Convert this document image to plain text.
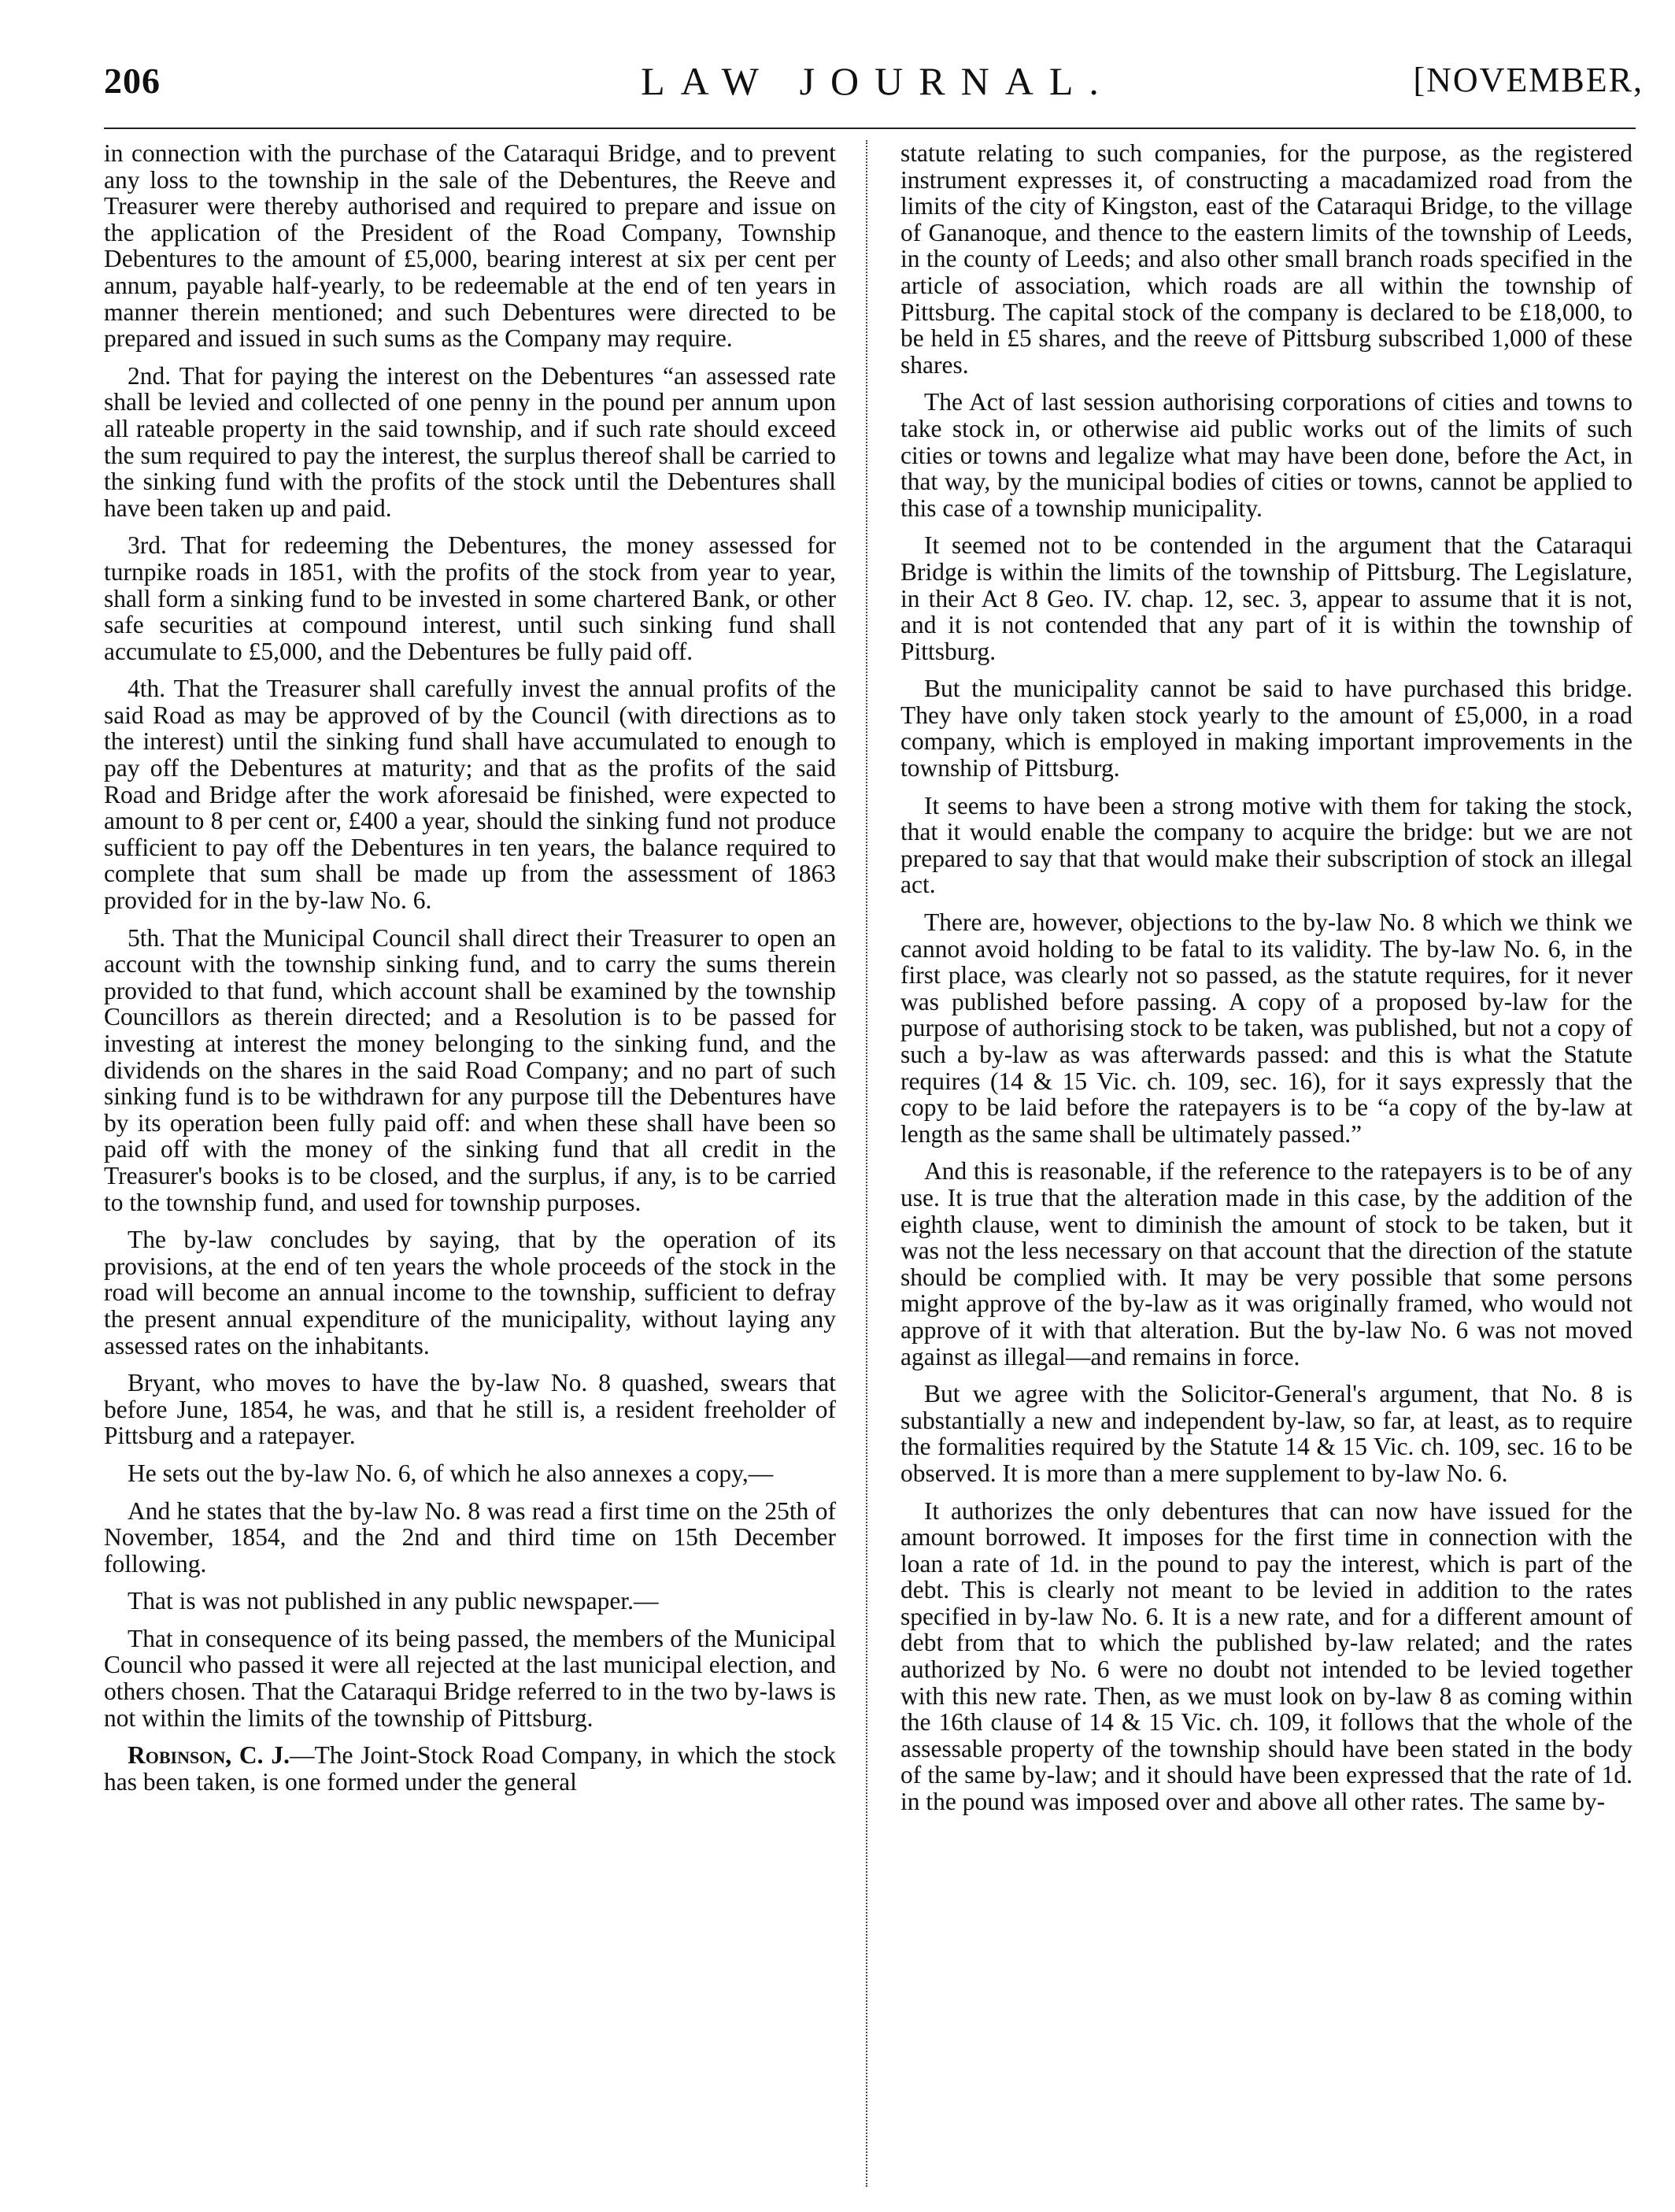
206	LAW JOURNAL.	[NOVEMBER,

in connection with the purchase of the Cataraqui Bridge, and to prevent any loss to the township in the sale of the Debentures, the Reeve and Treasurer were thereby authorised and required to prepare and issue on the application of the President of the Road Company, Township Debentures to the amount of £5,000, bearing interest at six per cent per annum, payable half-yearly, to be redeemable at the end of ten years in manner therein mentioned; and such Debentures were directed to be prepared and issued in such sums as the Company may require.

2nd. That for paying the interest on the Debentures “an assessed rate shall be levied and collected of one penny in the pound per annum upon all rateable property in the said township, and if such rate should exceed the sum required to pay the interest, the surplus thereof shall be carried to the sinking fund with the profits of the stock until the Debentures shall have been taken up and paid.

3rd. That for redeeming the Debentures, the money assessed for turnpike roads in 1851, with the profits of the stock from year to year, shall form a sinking fund to be invested in some chartered Bank, or other safe securities at compound interest, until such sinking fund shall accumulate to £5,000, and the Debentures be fully paid off.

4th. That the Treasurer shall carefully invest the annual profits of the said Road as may be approved of by the Council (with directions as to the interest) until the sinking fund shall have accumulated to enough to pay off the Debentures at maturity; and that as the profits of the said Road and Bridge after the work aforesaid be finished, were expected to amount to 8 per cent or, £400 a year, should the sinking fund not produce sufficient to pay off the Debentures in ten years, the balance required to complete that sum shall be made up from the assessment of 1863 provided for in the by-law No. 6.

5th. That the Municipal Council shall direct their Treasurer to open an account with the township sinking fund, and to carry the sums therein provided to that fund, which account shall be examined by the township Councillors as therein directed; and a Resolution is to be passed for investing at interest the money belonging to the sinking fund, and the dividends on the shares in the said Road Company; and no part of such sinking fund is to be withdrawn for any purpose till the Debentures have by its operation been fully paid off: and when these shall have been so paid off with the money of the sinking fund that all credit in the Treasurer's books is to be closed, and the surplus, if any, is to be carried to the township fund, and used for township purposes.

The by-law concludes by saying, that by the operation of its provisions, at the end of ten years the whole proceeds of the stock in the road will become an annual income to the township, sufficient to defray the present annual expenditure of the municipality, without laying any assessed rates on the inhabitants.

Bryant, who moves to have the by-law No. 8 quashed, swears that before June, 1854, he was, and that he still is, a resident freeholder of Pittsburg and a ratepayer.

He sets out the by-law No. 6, of which he also annexes a copy,—

And he states that the by-law No. 8 was read a first time on the 25th of November, 1854, and the 2nd and third time on 15th December following.

That is was not published in any public newspaper.—

That in consequence of its being passed, the members of the Municipal Council who passed it were all rejected at the last municipal election, and others chosen. That the Cataraqui Bridge referred to in the two by-laws is not within the limits of the township of Pittsburg.

Robinson, C. J.—The Joint-Stock Road Company, in which the stock has been taken, is one formed under the general

statute relating to such companies, for the purpose, as the registered instrument expresses it, of constructing a macadamized road from the limits of the city of Kingston, east of the Cataraqui Bridge, to the village of Gananoque, and thence to the eastern limits of the township of Leeds, in the county of Leeds; and also other small branch roads specified in the article of association, which roads are all within the township of Pittsburg. The capital stock of the company is declared to be £18,000, to be held in £5 shares, and the reeve of Pittsburg subscribed 1,000 of these shares.

The Act of last session authorising corporations of cities and towns to take stock in, or otherwise aid public works out of the limits of such cities or towns and legalize what may have been done, before the Act, in that way, by the municipal bodies of cities or towns, cannot be applied to this case of a township municipality.

It seemed not to be contended in the argument that the Cataraqui Bridge is within the limits of the township of Pittsburg. The Legislature, in their Act 8 Geo. IV. chap. 12, sec. 3, appear to assume that it is not, and it is not contended that any part of it is within the township of Pittsburg.

But the municipality cannot be said to have purchased this bridge. They have only taken stock yearly to the amount of £5,000, in a road company, which is employed in making important improvements in the township of Pittsburg.

It seems to have been a strong motive with them for taking the stock, that it would enable the company to acquire the bridge: but we are not prepared to say that that would make their subscription of stock an illegal act.

There are, however, objections to the by-law No. 8 which we think we cannot avoid holding to be fatal to its validity. The by-law No. 6, in the first place, was clearly not so passed, as the statute requires, for it never was published before passing. A copy of a proposed by-law for the purpose of authorising stock to be taken, was published, but not a copy of such a by-law as was afterwards passed: and this is what the Statute requires (14 & 15 Vic. ch. 109, sec. 16), for it says expressly that the copy to be laid before the ratepayers is to be “a copy of the by-law at length as the same shall be ultimately passed.”

And this is reasonable, if the reference to the ratepayers is to be of any use. It is true that the alteration made in this case, by the addition of the eighth clause, went to diminish the amount of stock to be taken, but it was not the less necessary on that account that the direction of the statute should be complied with. It may be very possible that some persons might approve of the by-law as it was originally framed, who would not approve of it with that alteration. But the by-law No. 6 was not moved against as illegal—and remains in force.

But we agree with the Solicitor-General's argument, that No. 8 is substantially a new and independent by-law, so far, at least, as to require the formalities required by the Statute 14 & 15 Vic. ch. 109, sec. 16 to be observed. It is more than a mere supplement to by-law No. 6.

It authorizes the only debentures that can now have issued for the amount borrowed. It imposes for the first time in connection with the loan a rate of 1d. in the pound to pay the interest, which is part of the debt. This is clearly not meant to be levied in addition to the rates specified in by-law No. 6. It is a new rate, and for a different amount of debt from that to which the published by-law related; and the rates authorized by No. 6 were no doubt not intended to be levied together with this new rate. Then, as we must look on by-law 8 as coming within the 16th clause of 14 & 15 Vic. ch. 109, it follows that the whole of the assessable property of the township should have been stated in the body of the same by-law; and it should have been expressed that the rate of 1d. in the pound was imposed over and above all other rates. The same by-
